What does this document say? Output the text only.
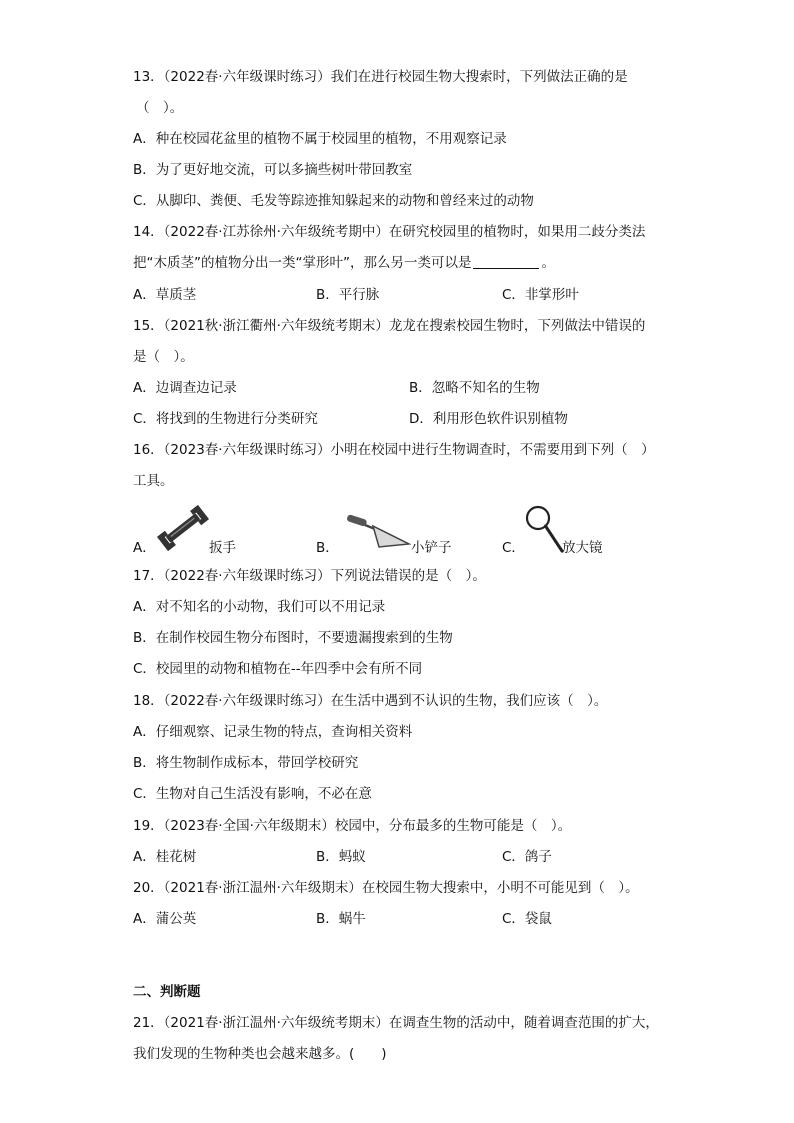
13．（2022春·六年级课时练习）我们在进行校园生物大搜索时，下列做法正确的是
（　）。
A．种在校园花盆里的植物不属于校园里的植物，不用观察记录
B．为了更好地交流，可以多摘些树叶带回教室
C．从脚印、粪便、毛发等踪迹推知躲起来的动物和曾经来过的动物
14．（2022春·江苏徐州·六年级统考期中）在研究校园里的植物时，如果用二歧分类法
把“木质茎”的植物分出一类“掌形叶”，那么另一类可以是	。
A．草质茎	B．平行脉	C．非掌形叶
15．（2021秋·浙江衢州·六年级统考期末）龙龙在搜索校园生物时，下列做法中错误的
是（　）。
A．边调查边记录	B．忽略不知名的生物
C．将找到的生物进行分类研究	D．利用形色软件识别植物
16．（2023春·六年级课时练习）小明在校园中进行生物调查时，不需要用到下列（　）
工具。
A．	扳手	B．	小铲子	C．	放大镜
17．（2022春·六年级课时练习）下列说法错误的是（　）。
A．对不知名的小动物，我们可以不用记录
B．在制作校园生物分布图时，不要遗漏搜索到的生物
C．校园里的动物和植物在--年四季中会有所不同
18．（2022春·六年级课时练习）在生活中遇到不认识的生物，我们应该（　）。
A．仔细观察、记录生物的特点，查询相关资料
B．将生物制作成标本，带回学校研究
C．生物对自己生活没有影响，不必在意
19．（2023春·全国·六年级期末）校园中，分布最多的生物可能是（　）。
A．桂花树	B．蚂蚁	C．鸽子
20．（2021春·浙江温州·六年级期末）在校园生物大搜索中，小明不可能见到（　）。
A．蒲公英	B．蜗牛	C．袋鼠
二、判断题
21．（2021春·浙江温州·六年级统考期末）在调查生物的活动中，随着调查范围的扩大，
我们发现的生物种类也会越来越多。(　　)
